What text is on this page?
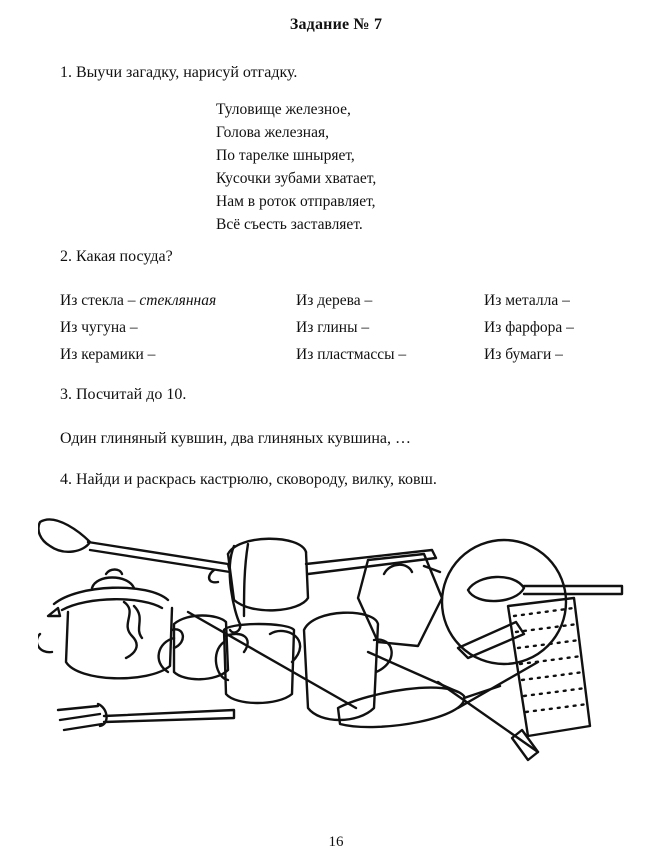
Задание № 7
1. Выучи загадку, нарисуй отгадку.
Туловище железное,
Голова железная,
По тарелке шныряет,
Кусочки зубами хватает,
Нам в роток отправляет,
Всё съесть заставляет.
2. Какая посуда?
Из стекла – стеклянная	Из дерева –	Из металла –
Из чугуна –	Из глины –	Из фарфора –
Из керамики –	Из пластмассы –	Из бумаги –
3. Посчитай до 10.
Один глиняный кувшин, два глиняных кувшина, …
4. Найди и раскрась кастрюлю, сковороду, вилку, ковш.
16
